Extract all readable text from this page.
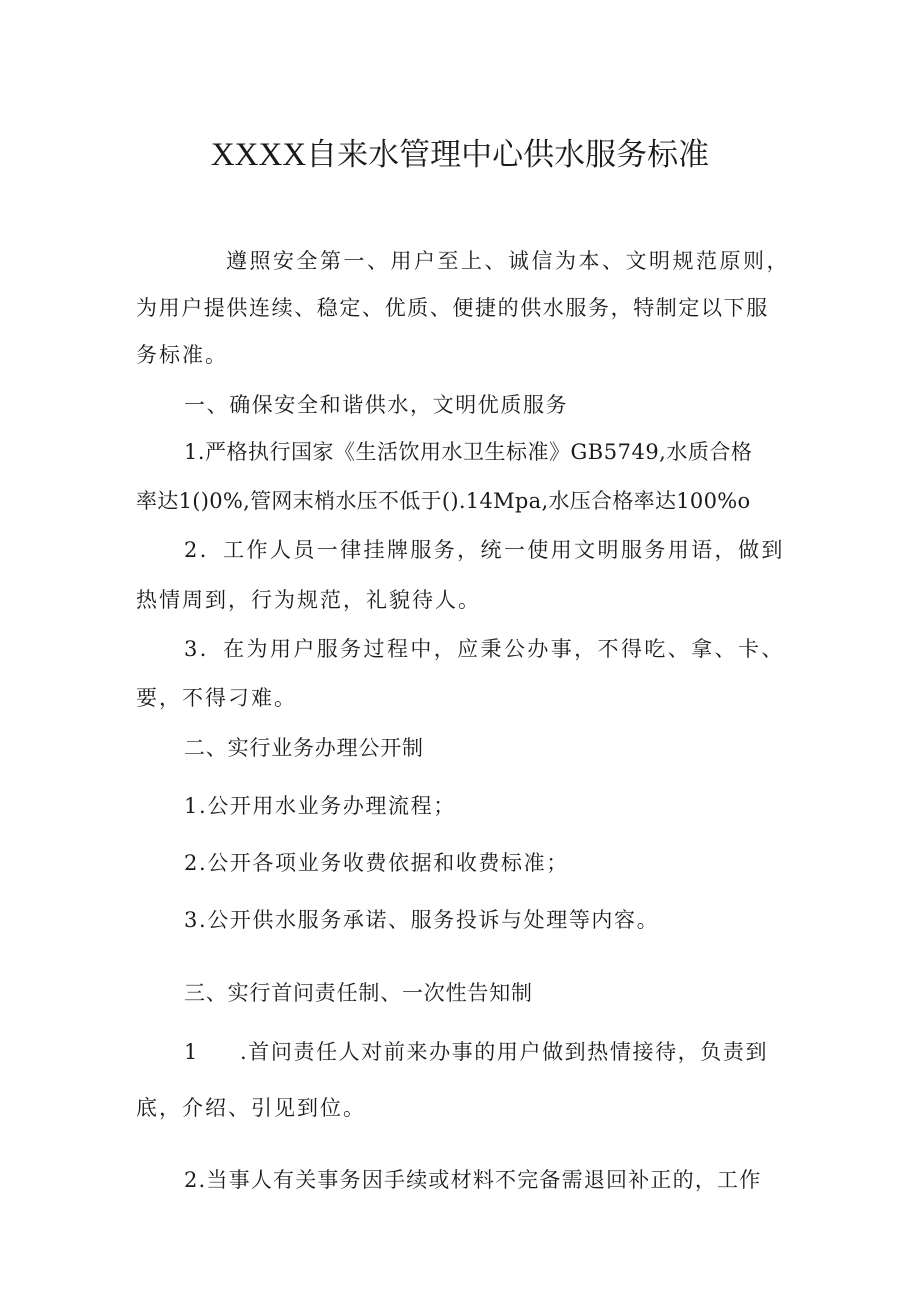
XXXX自来水管理中心供水服务标准
遵照安全第一、用户至上、诚信为本、文明规范原则，
为用户提供连续、稳定、优质、便捷的供水服务，特制定以下服
务标准。
一、确保安全和谐供水，文明优质服务
1.严格执行国家《生活饮用水卫生标准》GB5749,水质合格
率达1()0%,管网末梢水压不低于().14Mpa,水压合格率达100%o
2．工作人员一律挂牌服务，统一使用文明服务用语，做到
热情周到，行为规范，礼貌待人。
3．在为用户服务过程中，应秉公办事，不得吃、拿、卡、
要，不得刁难。
二、实行业务办理公开制
1.公开用水业务办理流程；
2.公开各项业务收费依据和收费标准；
3.公开供水服务承诺、服务投诉与处理等内容。
三、实行首问责任制、一次性告知制
1 .首问责任人对前来办事的用户做到热情接待，负责到
底，介绍、引见到位。
2.当事人有关事务因手续或材料不完备需退回补正的，工作
